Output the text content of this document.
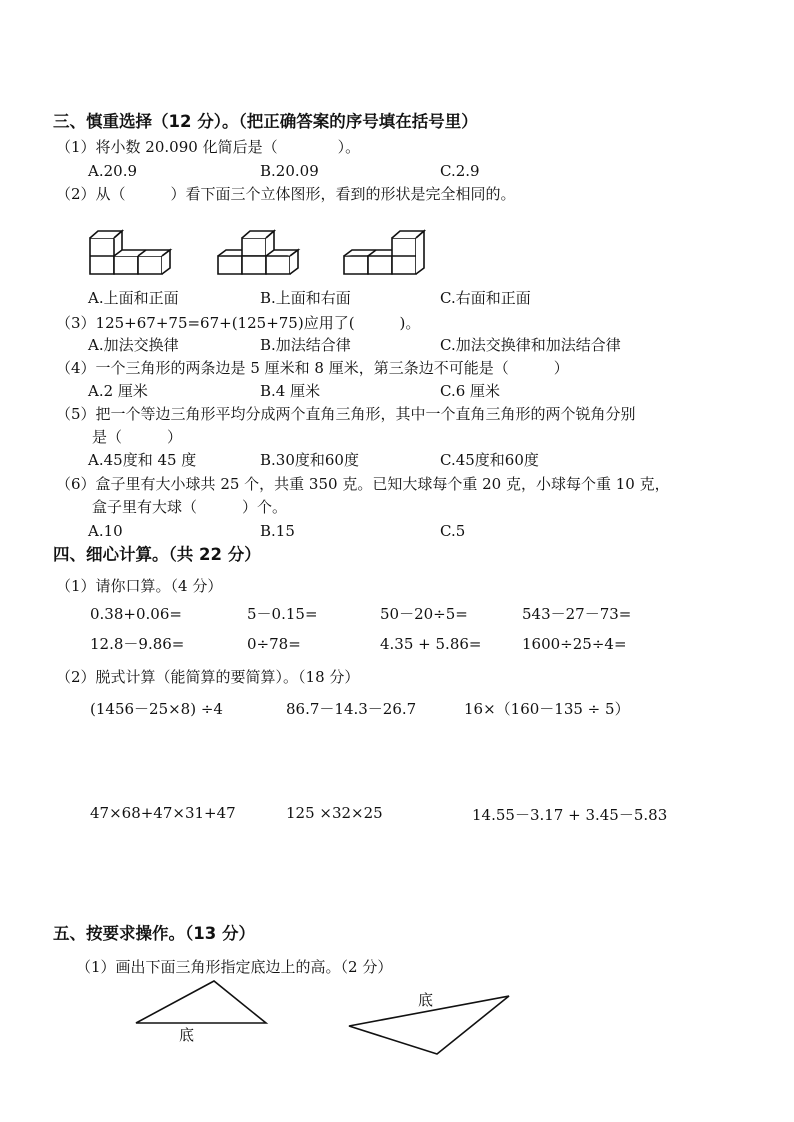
三、慎重选择（12 分）。（把正确答案的序号填在括号里）
（1）将小数 20.090 化简后是（　　　　）。
A.20.9	B.20.09	C.2.9
（2）从（　　　）看下面三个立体图形，看到的形状是完全相同的。
A.上面和正面	B.上面和右面	C.右面和正面
（3）125+67+75=67+(125+75)应用了(　　　)。
A.加法交换律	B.加法结合律	C.加法交换律和加法结合律
（4）一个三角形的两条边是 5 厘米和 8 厘米，第三条边不可能是（　　　）
A.2 厘米	B.4 厘米	C.6 厘米
（5）把一个等边三角形平均分成两个直角三角形，其中一个直角三角形的两个锐角分别
是（　　　）
A.45度和 45 度	B.30度和60度	C.45度和60度
（6）盒子里有大小球共 25 个，共重 350 克。已知大球每个重 20 克，小球每个重 10 克，
盒子里有大球（　　　）个。
A.10	B.15	C.5
四、细心计算。（共 22 分）
（1）请你口算。（4 分）
0.38+0.06=	5－0.15=	50－20÷5=	543－27－73=
12.8－9.86=	0÷78=	4.35 + 5.86=	1600÷25÷4=
（2）脱式计算（能简算的要简算）。（18 分）
(1456－25×8) ÷4	86.7－14.3－26.7	16×（160－135 ÷ 5）
47×68+47×31+47	125 ×32×25	14.55－3.17 + 3.45－5.83
五、按要求操作。（13 分）
（1）画出下面三角形指定底边上的高。（2 分）
底
底
